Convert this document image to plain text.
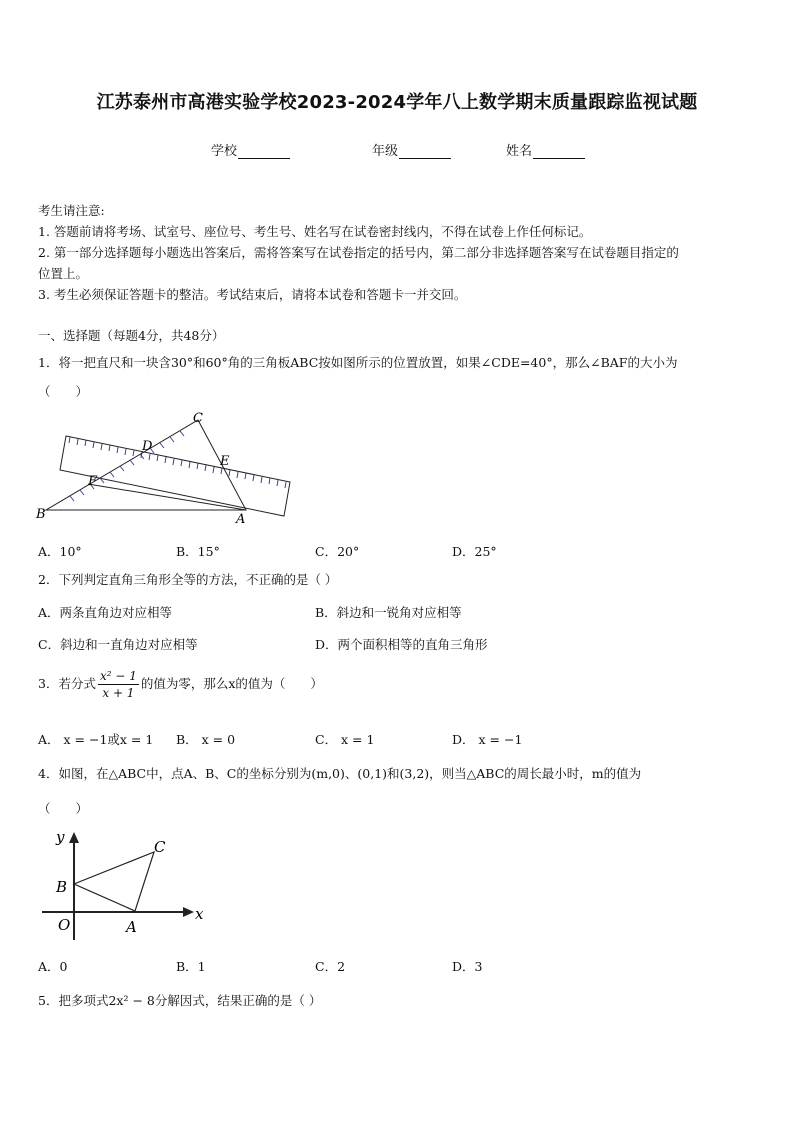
江苏泰州市高港实验学校2023-2024学年八上数学期末质量跟踪监视试题
学校	年级	姓名
考生请注意:
1. 答题前请将考场、试室号、座位号、考生号、姓名写在试卷密封线内，不得在试卷上作任何标记。
2. 第一部分选择题每小题选出答案后，需将答案写在试卷指定的括号内，第二部分非选择题答案写在试卷题目指定的
位置上。
3. 考生必须保证答题卡的整洁。考试结束后，请将本试卷和答题卡一并交回。
一、选择题（每题4分，共48分）
1．将一把直尺和一块含30°和60°角的三角板ABC按如图所示的位置放置，如果∠CDE=40°，那么∠BAF的大小为
（　　）
C
D
E
F
B	A
A．10°	B．15°	C．20°	D．25°
2．下列判定直角三角形全等的方法，不正确的是（ ）
A．两条直角边对应相等	B．斜边和一锐角对应相等
C．斜边和一直角边对应相等	D．两个面积相等的直角三角形
3．若分式 $\frac{\text{x² − 1}}{x + 1}$ 的值为零，那么x的值为（　　）
A． x = −1或x = 1 B． x = 0	C． x = 1	D． x = −1
4．如图，在△ABC中，点A、B、C的坐标分别为(m,0)、(0,1)和(3,2)，则当△ABC的周长最小时，m的值为
（　　）
y
x
O	A
B
C
A．0	B．1	C．2	D．3
5．把多项式2x² − 8分解因式，结果正确的是（ ）
